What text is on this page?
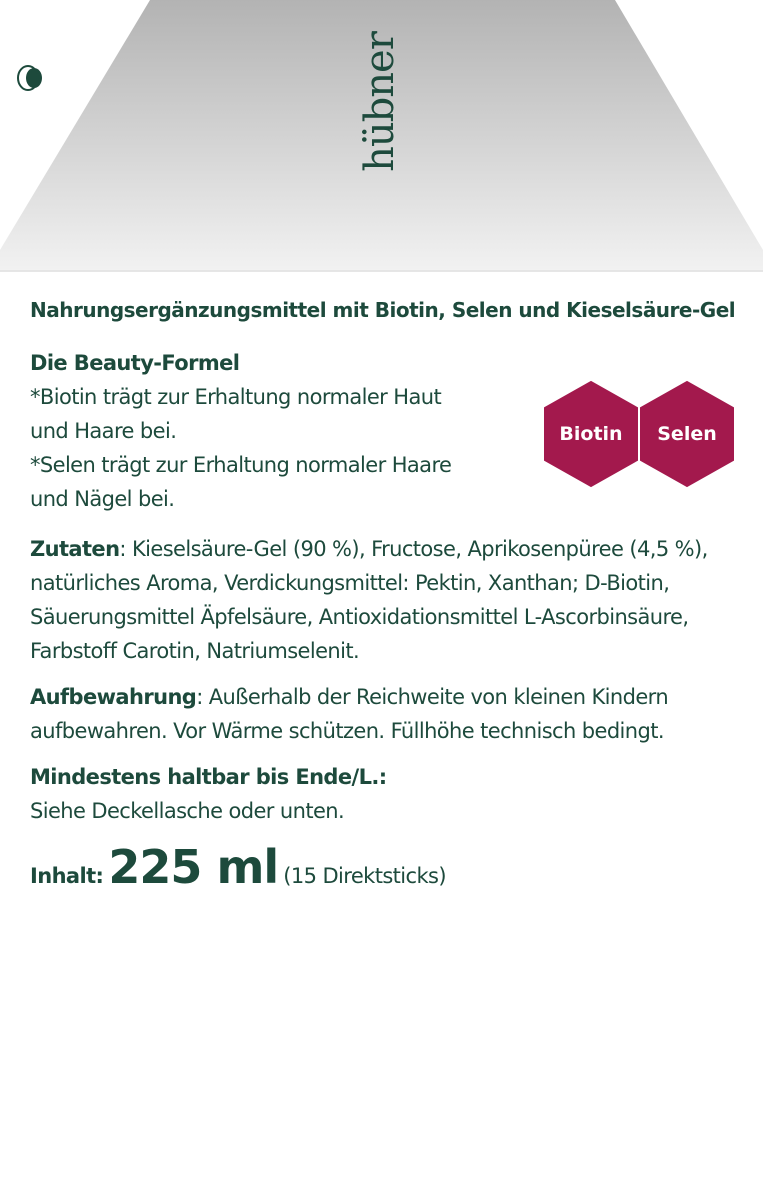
hübner
Nahrungsergänzungsmittel mit Biotin, Selen und Kieselsäure-Gel
Die Beauty-Formel
*Biotin trägt zur Erhaltung normaler Haut
und Haare bei.
*Selen trägt zur Erhaltung normaler Haare
und Nägel bei.
Zutaten: Kieselsäure-Gel (90 %), Fructose, Aprikosenpüree (4,5 %),
natürliches Aroma, Verdickungsmittel: Pektin, Xanthan; D-Biotin,
Säuerungsmittel Äpfelsäure, Antioxidationsmittel L-Ascorbinsäure,
Farbstoff Carotin, Natriumselenit.
Aufbewahrung: Außerhalb der Reichweite von kleinen Kindern
aufbewahren. Vor Wärme schützen. Füllhöhe technisch bedingt.
Mindestens haltbar bis Ende/L.:
Siehe Deckellasche oder unten.
Inhalt: 225 ml (15 Direktsticks)
Biotin Selen
